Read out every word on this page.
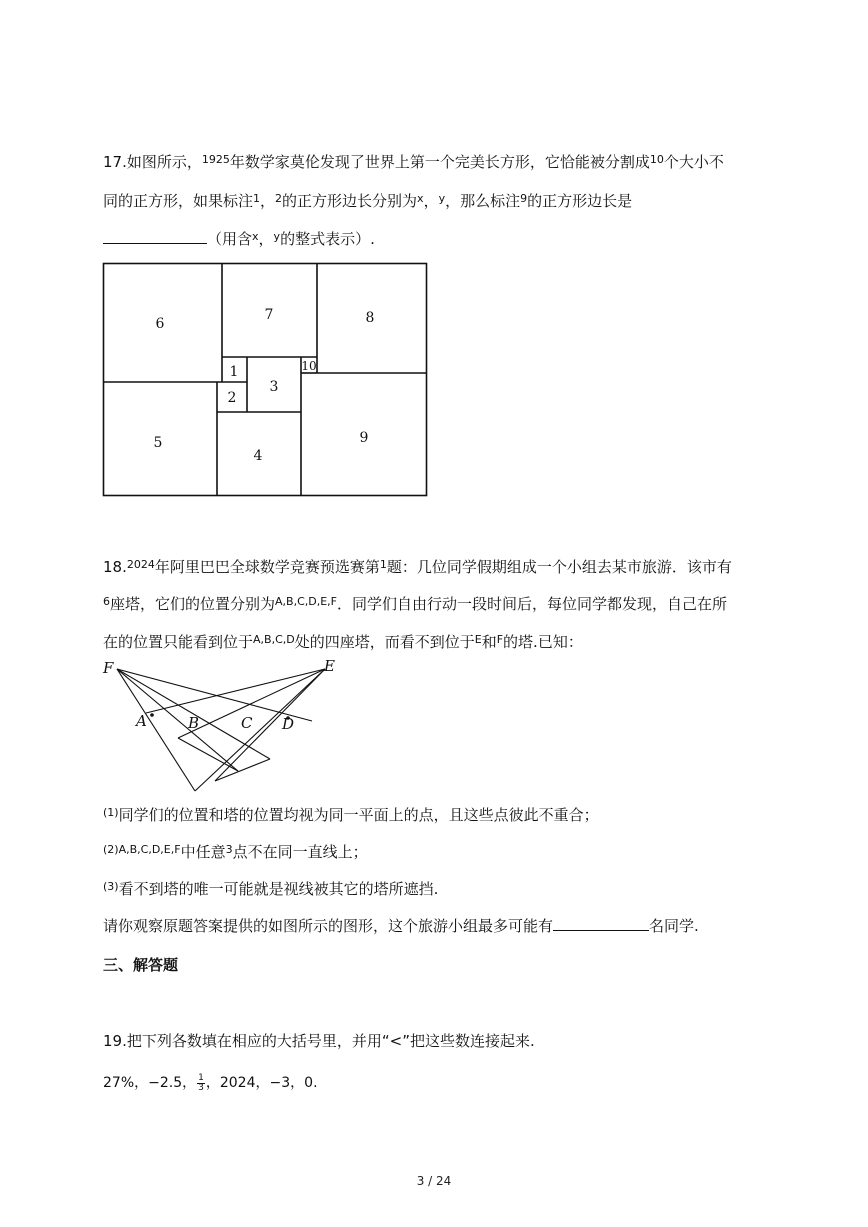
17.如图所示，$^{1925}$年数学家莫伦发现了世界上第一个完美长方形，它恰能被分割成$^{10}$个大小不
同的正方形，如果标注$^1$，$^2$的正方形边长分别为$^x$，$^y$，那么标注$^9$的正方形边长是
（用含$^x$，$^y$的整式表示）.
6
7	8
1	10
3
2
5
4
9
18.$^{2024}$年阿里巴巴全球数学竞赛预选赛第$^1$题：几位同学假期组成一个小组去某市旅游．该市有
$^6$座塔，它们的位置分别为$^{A,B,C,D,E,F}$．同学们自由行动一段时间后，每位同学都发现，自己在所
在的位置只能看到位于$^{A,B,C,D}$处的四座塔，而看不到位于$^E$和$^F$的塔.已知：
F	E
A	B	C D
$^{(1)}$同学们的位置和塔的位置均视为同一平面上的点，且这些点彼此不重合；
$^{(2)A,B,C,D,E,F}$中任意$^3$点不在同一直线上；
$^{(3)}$看不到塔的唯一可能就是视线被其它的塔所遮挡.
请你观察原题答案提供的如图所示的图形，这个旅游小组最多可能有	名同学.
三、解答题
19.把下列各数填在相应的大括号里，并用“<”把这些数连接起来.
27%，−2.5， $\frac{1}{3}$ ，2024，−3，0.
3 / 24
